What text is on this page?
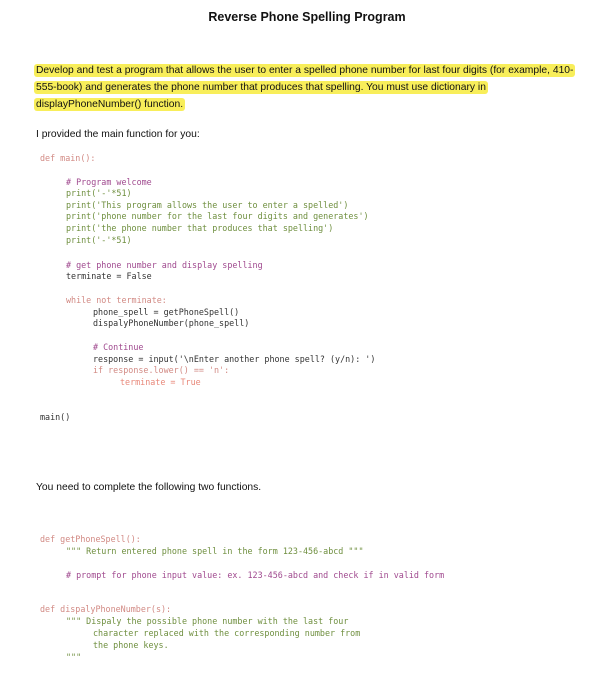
Reverse Phone Spelling Program
Develop and test a program that allows the user to enter a spelled phone number for last four digits (for example, 410-555-book) and generates the phone number that produces that spelling. You must use dictionary in displayPhoneNumber() function.
I provided the main function for you:

def main():

# Program welcome

print('-'*51)

print('This program allows the user to enter a spelled')

print('phone number for the last four digits and generates')

print('the phone number that produces that spelling')

print('-'*51)

# get phone number and display spelling

terminate = False

while not terminate:

phone_spell = getPhoneSpell()

dispalyPhoneNumber(phone_spell)

# Continue

response = input('\nEnter another phone spell? (y/n): ')

if response.lower() == 'n':

terminate = True

main()

You need to complete the following two functions.

def getPhoneSpell():

""" Return entered phone spell in the form 123-456-abcd """

# prompt for phone input value: ex. 123-456-abcd and check if in valid form

def dispalyPhoneNumber(s):

""" Dispaly the possible phone number with the last four

character replaced with the corresponding number from

the phone keys.

"""
